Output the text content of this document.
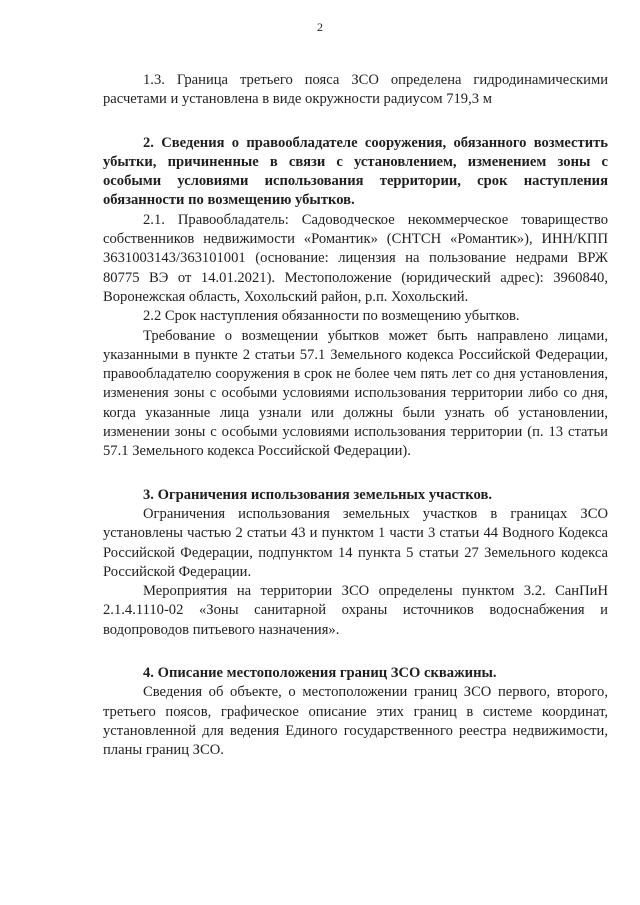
2

1.3. Граница третьего пояса ЗСО определена гидродинамическими расчетами и установлена в виде окружности радиусом 719,3 м

2. Сведения о правообладателе сооружения, обязанного возместить убытки, причиненные в связи с установлением, изменением зоны с особыми условиями использования территории, срок наступления обязанности по возмещению убытков.

2.1. Правообладатель: Садоводческое некоммерческое товарищество собственников недвижимости «Романтик» (СНТСН «Романтик»), ИНН/КПП 3631003143/363101001 (основание: лицензия на пользование недрами ВРЖ 80775 ВЭ от 14.01.2021). Местоположение (юридический адрес): 3960840, Воронежская область, Хохольский район, р.п. Хохольский.

2.2 Срок наступления обязанности по возмещению убытков.

Требование о возмещении убытков может быть направлено лицами, указанными в пункте 2 статьи 57.1 Земельного кодекса Российской Федерации, правообладателю сооружения в срок не более чем пять лет со дня установления, изменения зоны с особыми условиями использования территории либо со дня, когда указанные лица узнали или должны были узнать об установлении, изменении зоны с особыми условиями использования территории (п. 13 статьи 57.1 Земельного кодекса Российской Федерации).

3. Ограничения использования земельных участков.

Ограничения использования земельных участков в границах ЗСО установлены частью 2 статьи 43 и пунктом 1 части 3 статьи 44 Водного Кодекса Российской Федерации, подпунктом 14 пункта 5 статьи 27 Земельного кодекса Российской Федерации.

Мероприятия на территории ЗСО определены пунктом 3.2. СанПиН 2.1.4.1110-02 «Зоны санитарной охраны источников водоснабжения и водопроводов питьевого назначения».

4. Описание местоположения границ ЗСО скважины.

Сведения об объекте, о местоположении границ ЗСО первого, второго, третьего поясов, графическое описание этих границ в системе координат, установленной для ведения Единого государственного реестра недвижимости, планы границ ЗСО.
